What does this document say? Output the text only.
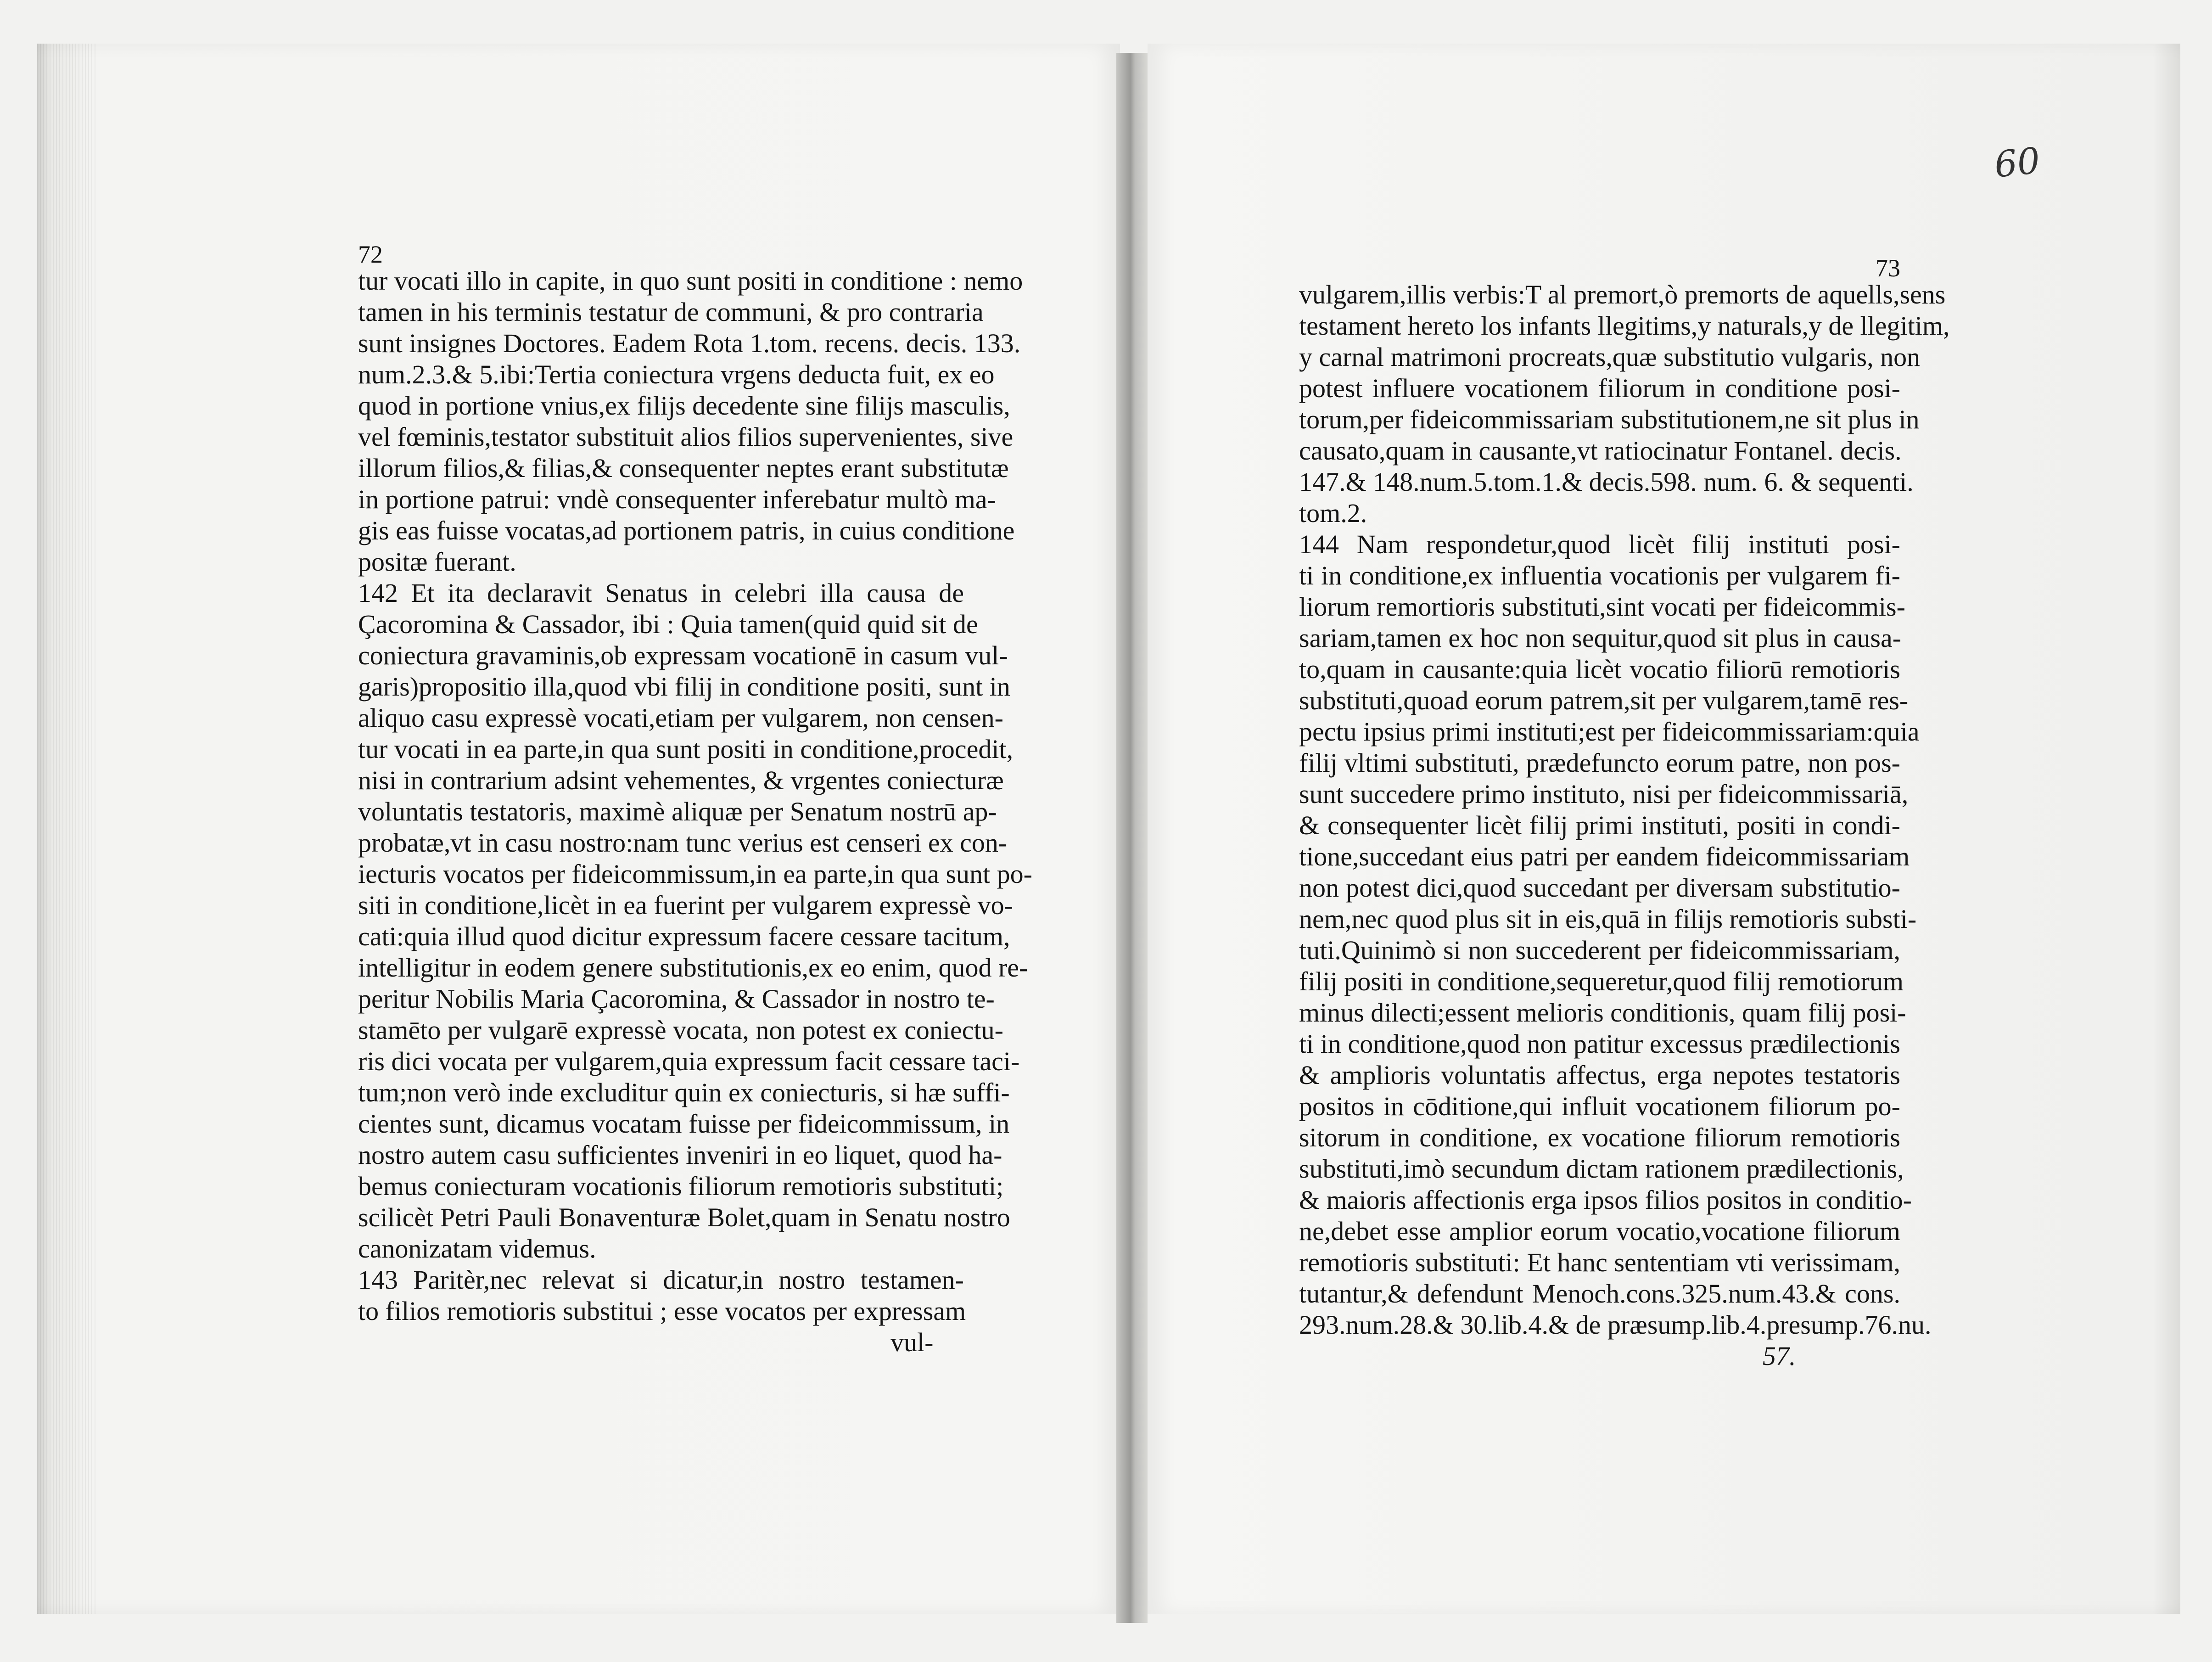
60
72
tur vocati illo in capite, in quo sunt positi in conditione : nemo
tamen in his terminis testatur de communi, & pro contraria
sunt insignes Doctores. Eadem Rota 1.tom. recens. decis. 133.
num.2.3.& 5.ibi:Tertia coniectura vrgens deducta fuit, ex eo
quod in portione vnius,ex filijs decedente sine filijs masculis,
vel fœminis,testator substituit alios filios supervenientes, sive
illorum filios,& filias,& consequenter neptes erant substitutæ
in portione patrui: vndè consequenter inferebatur multò ma-
gis eas fuisse vocatas,ad portionem patris, in cuius conditione
positæ fuerant.
142 Et ita declaravit Senatus in celebri illa causa de
Çacoromina & Cassador, ibi : Quia tamen(quid quid sit de
coniectura gravaminis,ob expressam vocationē in casum vul-
garis)propositio illa,quod vbi filij in conditione positi, sunt in
aliquo casu expressè vocati,etiam per vulgarem, non censen-
tur vocati in ea parte,in qua sunt positi in conditione,procedit,
nisi in contrarium adsint vehementes, & vrgentes coniecturæ
voluntatis testatoris, maximè aliquæ per Senatum nostrū ap-
probatæ,vt in casu nostro:nam tunc verius est censeri ex con-
iecturis vocatos per fideicommissum,in ea parte,in qua sunt po-
siti in conditione,licèt in ea fuerint per vulgarem expressè vo-
cati:quia illud quod dicitur expressum facere cessare tacitum,
intelligitur in eodem genere substitutionis,ex eo enim, quod re-
peritur Nobilis Maria Çacoromina, & Cassador in nostro te-
stamēto per vulgarē expressè vocata, non potest ex coniectu-
ris dici vocata per vulgarem,quia expressum facit cessare taci-
tum;non verò inde excluditur quin ex coniecturis, si hæ suffi-
cientes sunt, dicamus vocatam fuisse per fideicommissum, in
nostro autem casu sufficientes inveniri in eo liquet, quod ha-
bemus coniecturam vocationis filiorum remotioris substituti;
scilicèt Petri Pauli Bonaventuræ Bolet,quam in Senatu nostro
canonizatam videmus.
143 Paritèr,nec relevat si dicatur,in nostro testamen-
to filios remotioris substitui ; esse vocatos per expressam
vul-
73
vulgarem,illis verbis:T al premort,ò premorts de aquells,sens
testament hereto los infants llegitims,y naturals,y de llegitim,
y carnal matrimoni procreats,quæ substitutio vulgaris, non
potest influere vocationem filiorum in conditione posi-
torum,per fideicommissariam substitutionem,ne sit plus in
causato,quam in causante,vt ratiocinatur Fontanel. decis.
147.& 148.num.5.tom.1.& decis.598. num. 6. & sequenti.
tom.2.
144 Nam respondetur,quod licèt filij instituti posi-
ti in conditione,ex influentia vocationis per vulgarem fi-
liorum remortioris substituti,sint vocati per fideicommis-
sariam,tamen ex hoc non sequitur,quod sit plus in causa-
to,quam in causante:quia licèt vocatio filiorū remotioris
substituti,quoad eorum patrem,sit per vulgarem,tamē res-
pectu ipsius primi instituti;est per fideicommissariam:quia
filij vltimi substituti, prædefuncto eorum patre, non pos-
sunt succedere primo instituto, nisi per fideicommissariā,
& consequenter licèt filij primi instituti, positi in condi-
tione,succedant eius patri per eandem fideicommissariam
non potest dici,quod succedant per diversam substitutio-
nem,nec quod plus sit in eis,quā in filijs remotioris substi-
tuti.Quinimò si non succederent per fideicommissariam,
filij positi in conditione,sequeretur,quod filij remotiorum
minus dilecti;essent melioris conditionis, quam filij posi-
ti in conditione,quod non patitur excessus prædilectionis
& amplioris voluntatis affectus, erga nepotes testatoris
positos in cōditione,qui influit vocationem filiorum po-
sitorum in conditione, ex vocatione filiorum remotioris
substituti,imò secundum dictam rationem prædilectionis,
& maioris affectionis erga ipsos filios positos in conditio-
ne,debet esse amplior eorum vocatio,vocatione filiorum
remotioris substituti: Et hanc sententiam vti verissimam,
tutantur,& defendunt Menoch.cons.325.num.43.& cons.
293.num.28.& 30.lib.4.& de præsump.lib.4.presump.76.nu.
57.
